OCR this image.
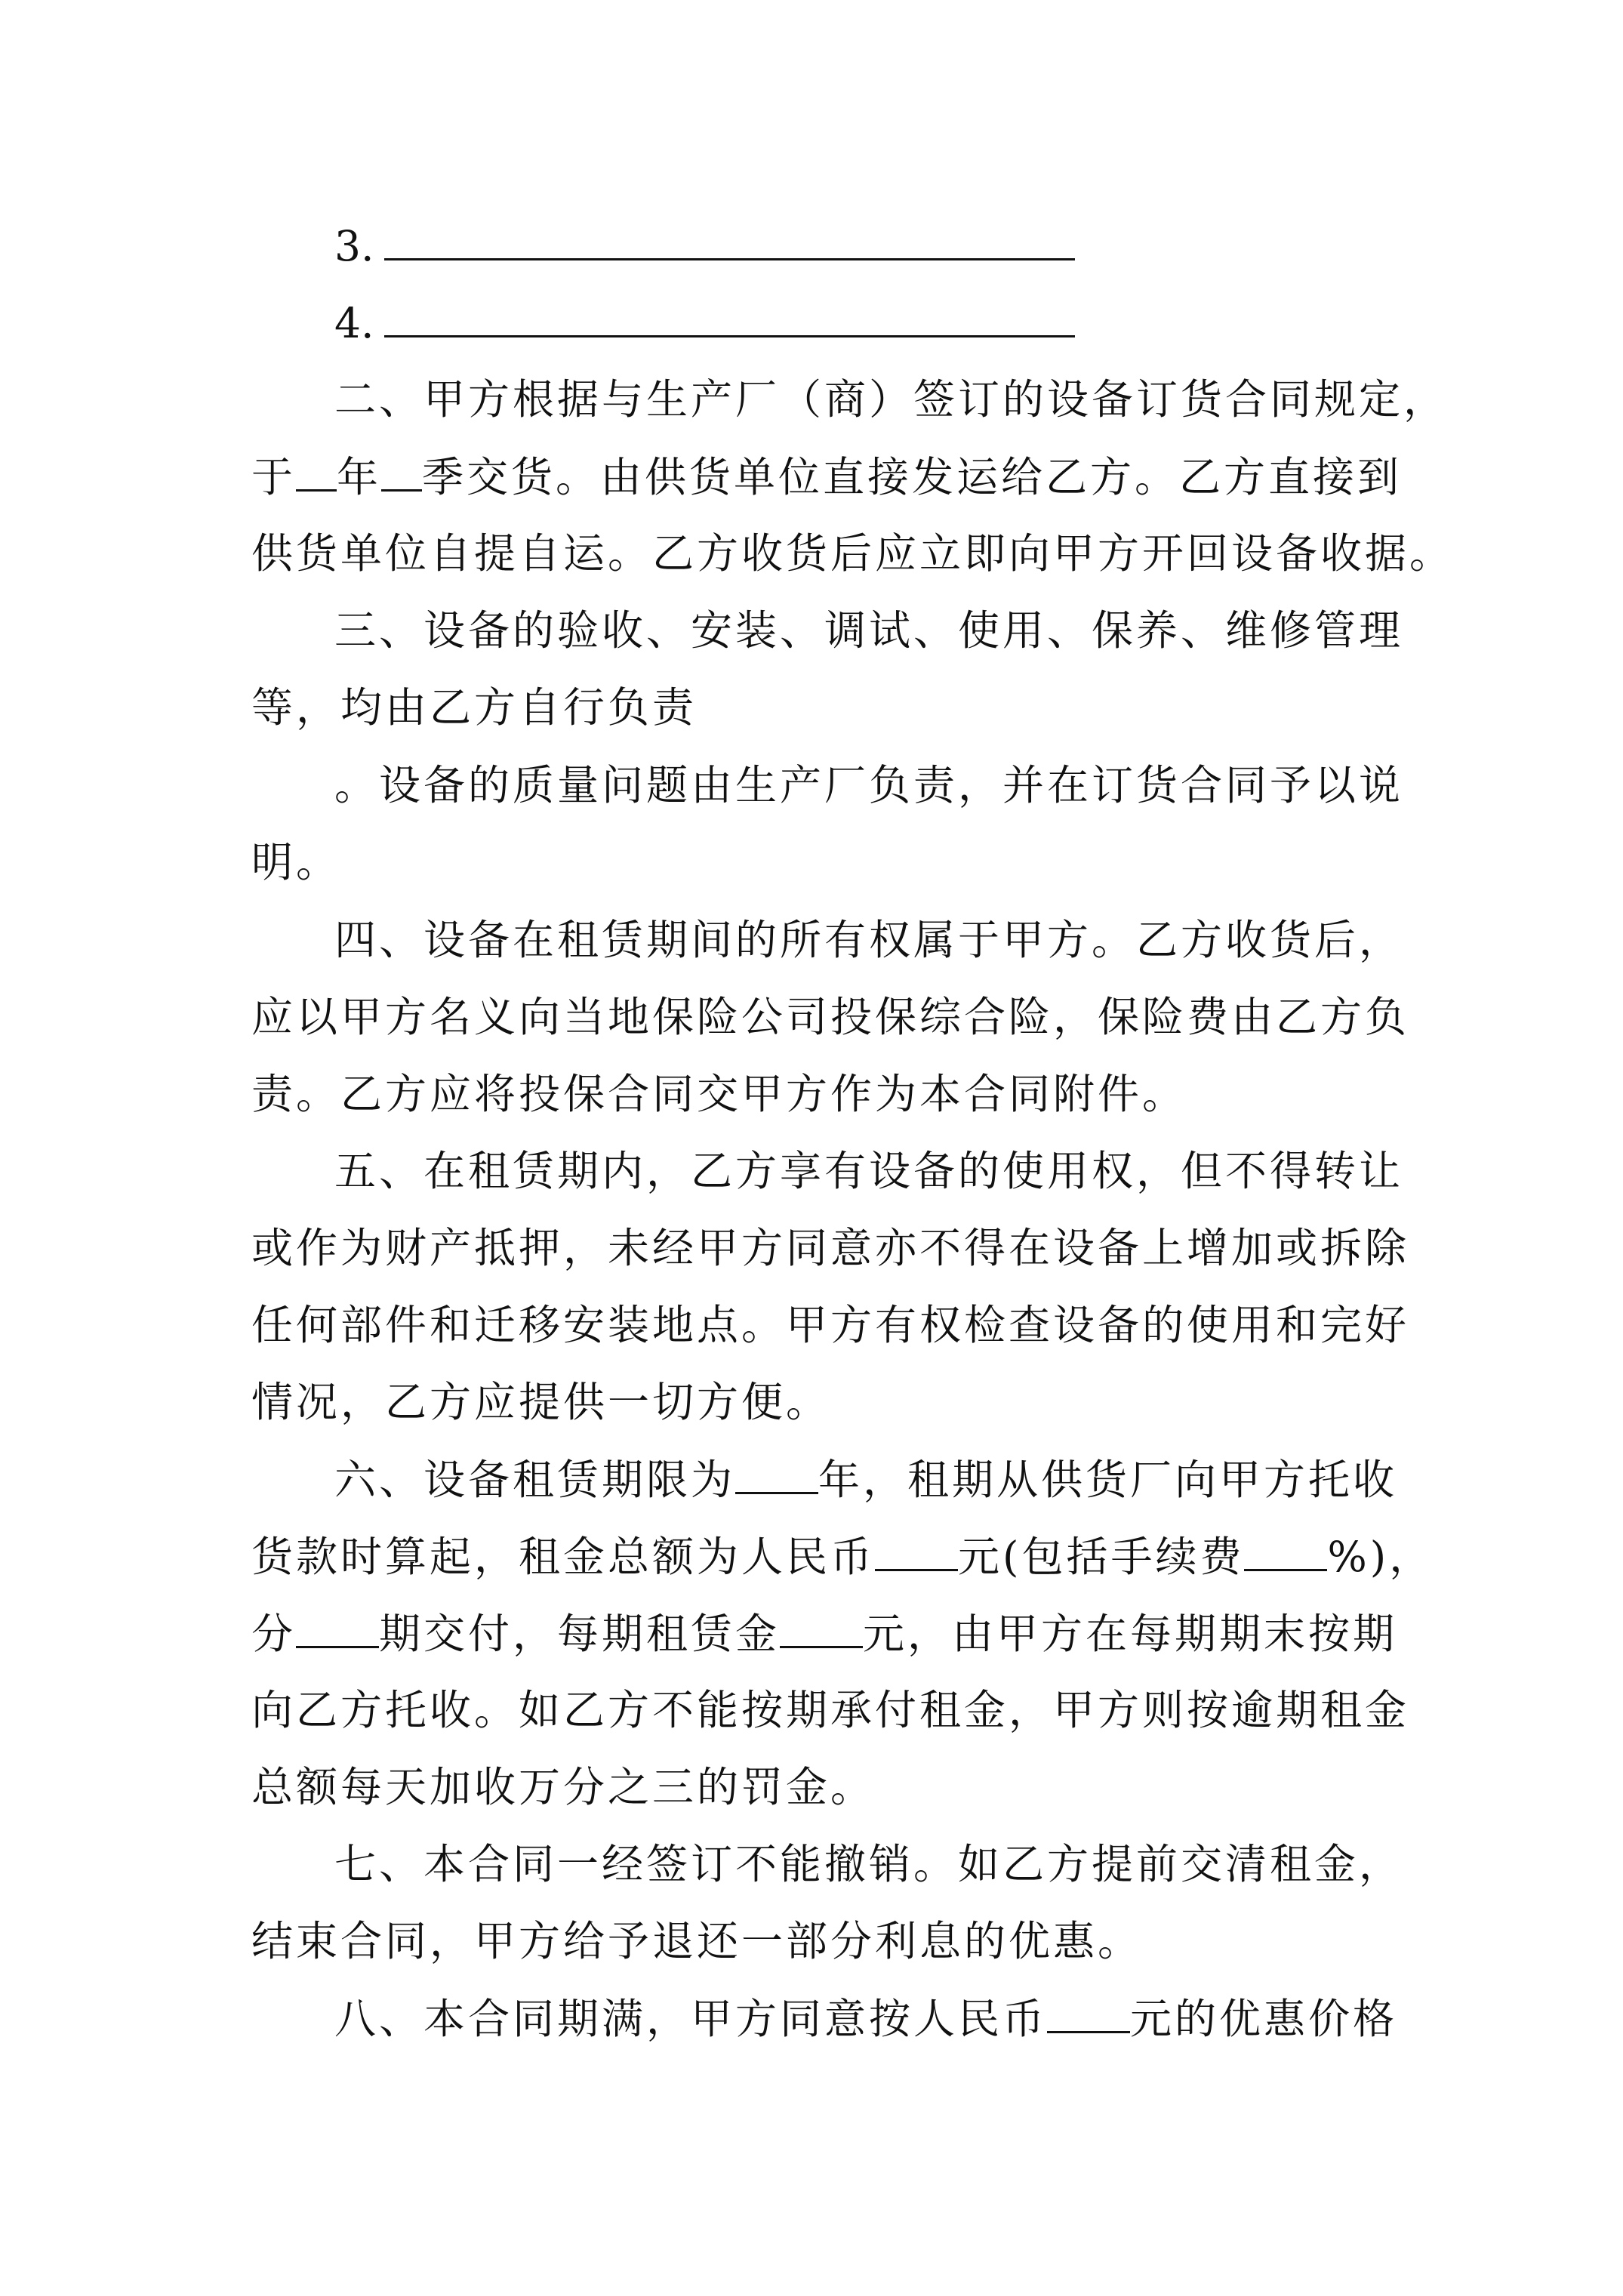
3.
4.
二、甲方根据与生产厂（商）签订的设备订货合同规定，
于 年 季交货。由供货单位直接发运给乙方。乙方直接到
供货单位自提自运。乙方收货后应立即向甲方开回设备收据。
三、设备的验收、安装、调试、使用、保养、维修管理
等，均由乙方自行负责
。设备的质量问题由生产厂负责，并在订货合同予以说
明。
四、设备在租赁期间的所有权属于甲方。乙方收货后，
应以甲方名义向当地保险公司投保综合险，保险费由乙方负
责。乙方应将投保合同交甲方作为本合同附件。
五、在租赁期内，乙方享有设备的使用权，但不得转让
或作为财产抵押，未经甲方同意亦不得在设备上增加或拆除
任何部件和迁移安装地点。甲方有权检查设备的使用和完好
情况，乙方应提供一切方便。
六、设备租赁期限为 年，租期从供货厂向甲方托收
货款时算起，租金总额为人民币 元(包括手续费 %)，
分 期交付，每期租赁金 元，由甲方在每期期末按期
向乙方托收。如乙方不能按期承付租金，甲方则按逾期租金
总额每天加收万分之三的罚金。
七、本合同一经签订不能撤销。如乙方提前交清租金，
结束合同，甲方给予退还一部分利息的优惠。
八、本合同期满，甲方同意按人民币 元的优惠价格
